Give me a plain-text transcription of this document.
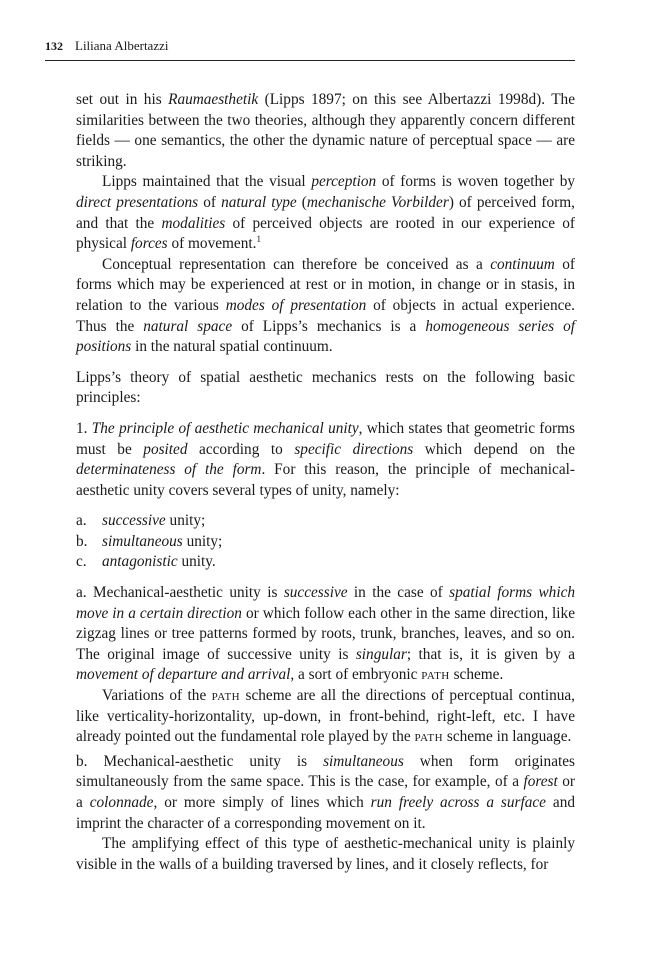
132 Liliana Albertazzi

set out in his Raumaesthetik (Lipps 1897; on this see Albertazzi 1998d). The similarities between the two theories, although they apparently concern different fields — one semantics, the other the dynamic nature of perceptual space — are striking.

Lipps maintained that the visual perception of forms is woven together by direct presentations of natural type (mechanische Vorbilder) of perceived form, and that the modalities of perceived objects are rooted in our experience of physical forces of movement.$^1$

Conceptual representation can therefore be conceived as a continuum of forms which may be experienced at rest or in motion, in change or in stasis, in relation to the various modes of presentation of objects in actual experience. Thus the natural space of Lipps’s mechanics is a homogeneous series of positions in the natural spatial continuum.

Lipps’s theory of spatial aesthetic mechanics rests on the following basic principles:

1. The principle of aesthetic mechanical unity, which states that geometric forms must be posited according to specific directions which depend on the determinateness of the form. For this reason, the principle of mechanical-aesthetic unity covers several types of unity, namely:

a.	successive unity;
b. simultaneous unity;
c.	antagonistic unity.

a. Mechanical-aesthetic unity is successive in the case of spatial forms which move in a certain direction or which follow each other in the same direction, like zigzag lines or tree patterns formed by roots, trunk, branches, leaves, and so on. The original image of successive unity is singular; that is, it is given by a movement of departure and arrival, a sort of embryonic path scheme.

Variations of the path scheme are all the directions of perceptual continua, like verticality-horizontality, up-down, in front-behind, right-left, etc. I have already pointed out the fundamental role played by the path scheme in language.

b. Mechanical-aesthetic unity is simultaneous when form originates simultaneously from the same space. This is the case, for example, of a forest or a colonnade, or more simply of lines which run freely across a surface and imprint the character of a corresponding movement on it.

The amplifying effect of this type of aesthetic-mechanical unity is plainly visible in the walls of a building traversed by lines, and it closely reflects, for
